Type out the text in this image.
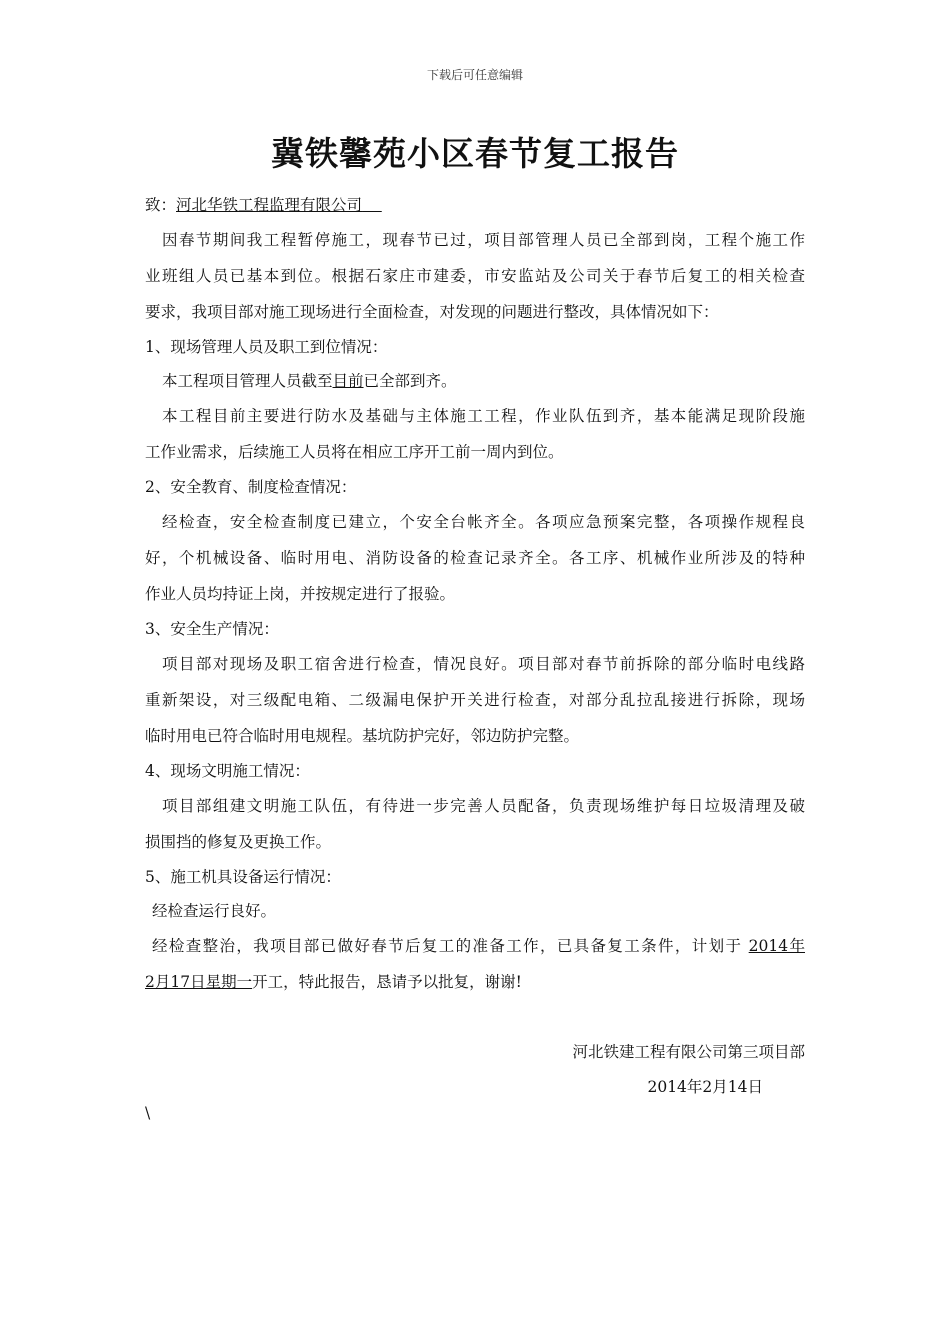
下载后可任意编辑
冀铁馨苑小区春节复工报告
致：河北华铁工程监理有限公司
因春节期间我工程暂停施工，现春节已过，项目部管理人员已全部到岗，工程个施工作
业班组人员已基本到位。根据石家庄市建委，市安监站及公司关于春节后复工的相关检查
要求，我项目部对施工现场进行全面检查，对发现的问题进行整改，具体情况如下：
1、现场管理人员及职工到位情况：
本工程项目管理人员截至目前已全部到齐。
本工程目前主要进行防水及基础与主体施工工程，作业队伍到齐，基本能满足现阶段施
工作业需求，后续施工人员将在相应工序开工前一周内到位。
2、安全教育、制度检查情况：
经检查，安全检查制度已建立，个安全台帐齐全。各项应急预案完整，各项操作规程良
好，个机械设备、临时用电、消防设备的检查记录齐全。各工序、机械作业所涉及的特种
作业人员均持证上岗，并按规定进行了报验。
3、安全生产情况：
项目部对现场及职工宿舍进行检查，情况良好。项目部对春节前拆除的部分临时电线路
重新架设，对三级配电箱、二级漏电保护开关进行检查，对部分乱拉乱接进行拆除，现场
临时用电已符合临时用电规程。基坑防护完好，邻边防护完整。
4、现场文明施工情况：
项目部组建文明施工队伍，有待进一步完善人员配备，负责现场维护每日垃圾清理及破
损围挡的修复及更换工作。
5、施工机具设备运行情况：
经检查运行良好。
经检查整治，我项目部已做好春节后复工的准备工作，已具备复工条件，计划于 2014年
2月17日星期一开工，特此报告，恳请予以批复，谢谢!
河北铁建工程有限公司第三项目部
2014年2月14日
\
